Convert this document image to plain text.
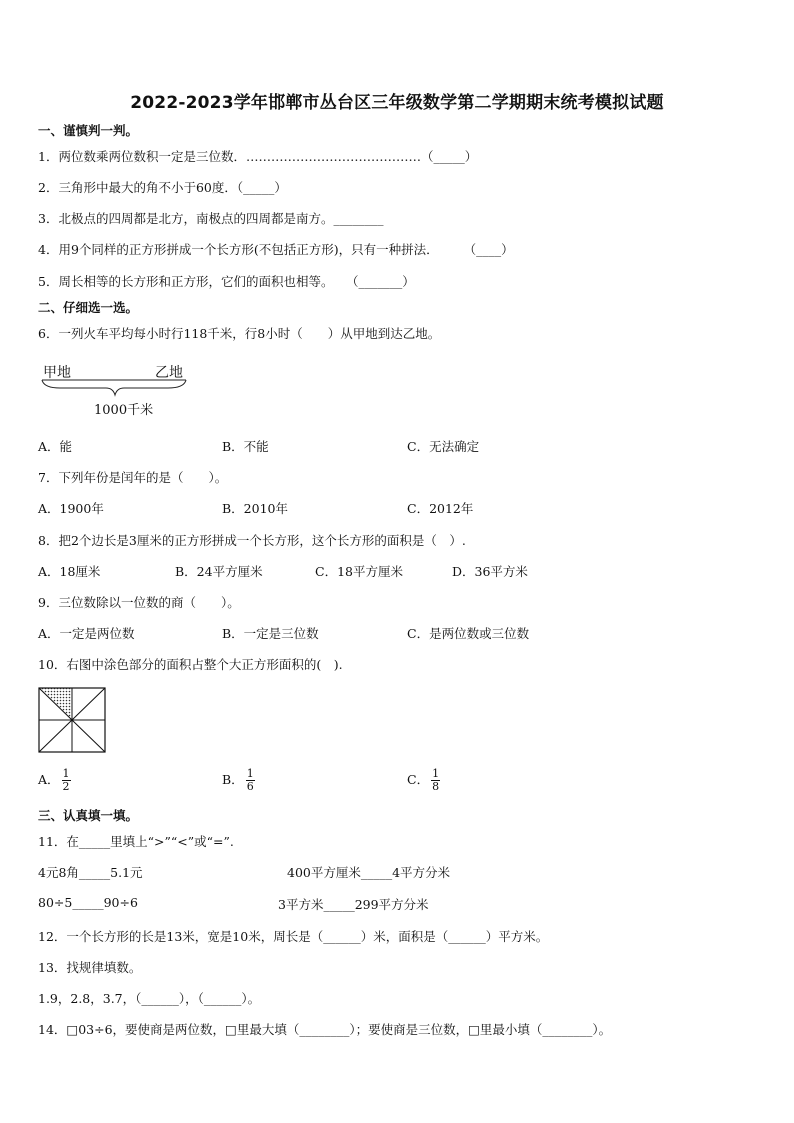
2022-2023学年邯郸市丛台区三年级数学第二学期期末统考模拟试题
一、谨慎判一判。
1．两位数乘两位数积一定是三位数．……………………………………（_____）
2．三角形中最大的角不小于60度．（_____）
3．北极点的四周都是北方，南极点的四周都是南方。________
4．用9个同样的正方形拼成一个长方形(不包括正方形)，只有一种拼法．　　　（____）
5．周长相等的长方形和正方形，它们的面积也相等。　　（_______）
二、仔细选一选。
6．一列火车平均每小时行118千米，行8小时（　　）从甲地到达乙地。
甲地	乙地
1000千米
A．能	B．不能	C．无法确定
7．下列年份是闰年的是（　　）。
A．1900年	B．2010年	C．2012年
8．把2个边长是3厘米的正方形拼成一个长方形，这个长方形的面积是（　）.
A．18厘米	B．24平方厘米	C．18平方厘米	D．36平方米
9．三位数除以一位数的商（　　）。
A．一定是两位数	B．一定是三位数	C．是两位数或三位数
10．右图中涂色部分的面积占整个大正方形面积的(　).
A． $\frac{1}{2}$	B． $\frac{1}{6}$	C． $\frac{1}{8}$
三、认真填一填。
11．在_____里填上“>”“<”或“=”.
4元8角_____5.1元	400平方厘米_____4平方分米
80÷5_____90÷6	3平方米_____299平方分米
12．一个长方形的长是13米，宽是10米，周长是（______）米，面积是（______）平方米。
13．找规律填数。
1.9，2.8，3.7，（______），（______）。
14．□03÷6，要使商是两位数，□里最大填（________）；要使商是三位数，□里最小填（________）。
